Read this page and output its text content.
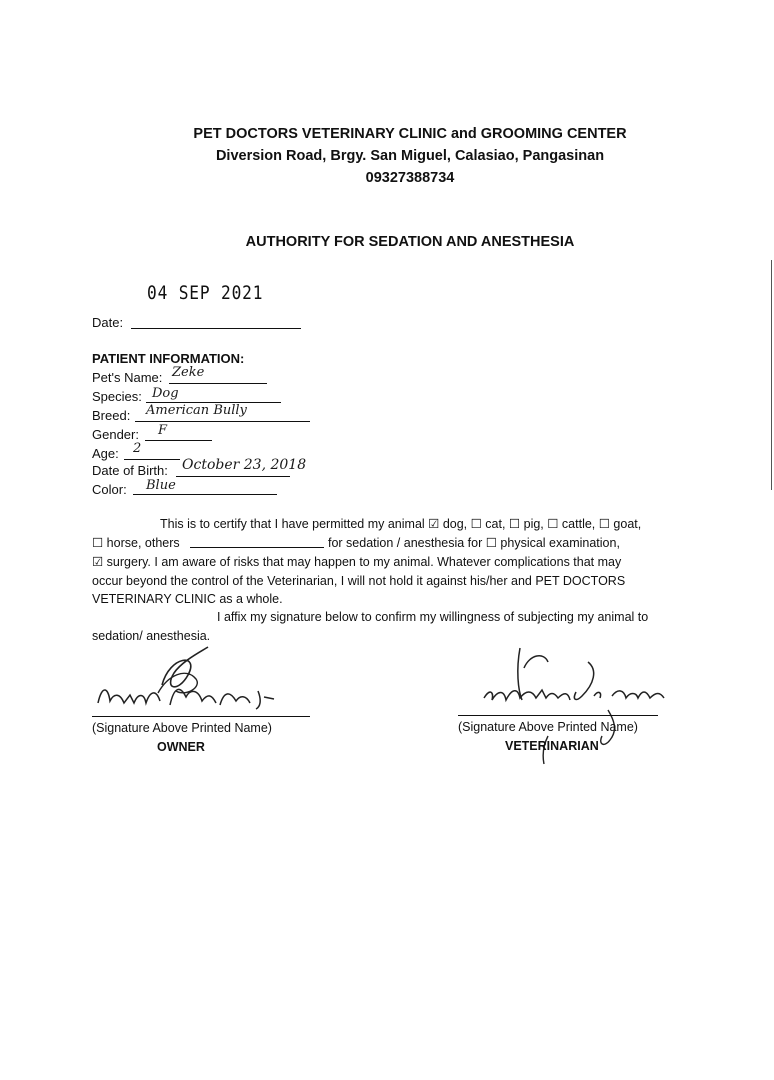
PET DOCTORS VETERINARY CLINIC and GROOMING CENTER
Diversion Road, Brgy. San Miguel, Calasiao, Pangasinan
09327388734
AUTHORITY FOR SEDATION AND ANESTHESIA
04 SEP 2021
Date:
PATIENT INFORMATION:
Pet's Name: Zeke
Species: Dog
Breed: American Bully
Gender: F
Age: 2
Date of Birth: October 23, 2018
Color: Blue
This is to certify that I have permitted my animal ☑ dog, ☐ cat, ☐ pig, ☐ cattle, ☐ goat,
☐ horse, others	for sedation / anesthesia for ☐ physical examination,
☑ surgery. I am aware of risks that may happen to my animal. Whatever complications that may
occur beyond the control of the Veterinarian, I will not hold it against his/her and PET DOCTORS
VETERINARY CLINIC as a whole.
I affix my signature below to confirm my willingness of subjecting my animal to
sedation/ anesthesia.
(Signature Above Printed Name)
OWNER
(Signature Above Printed Name)
VETERINARIAN
